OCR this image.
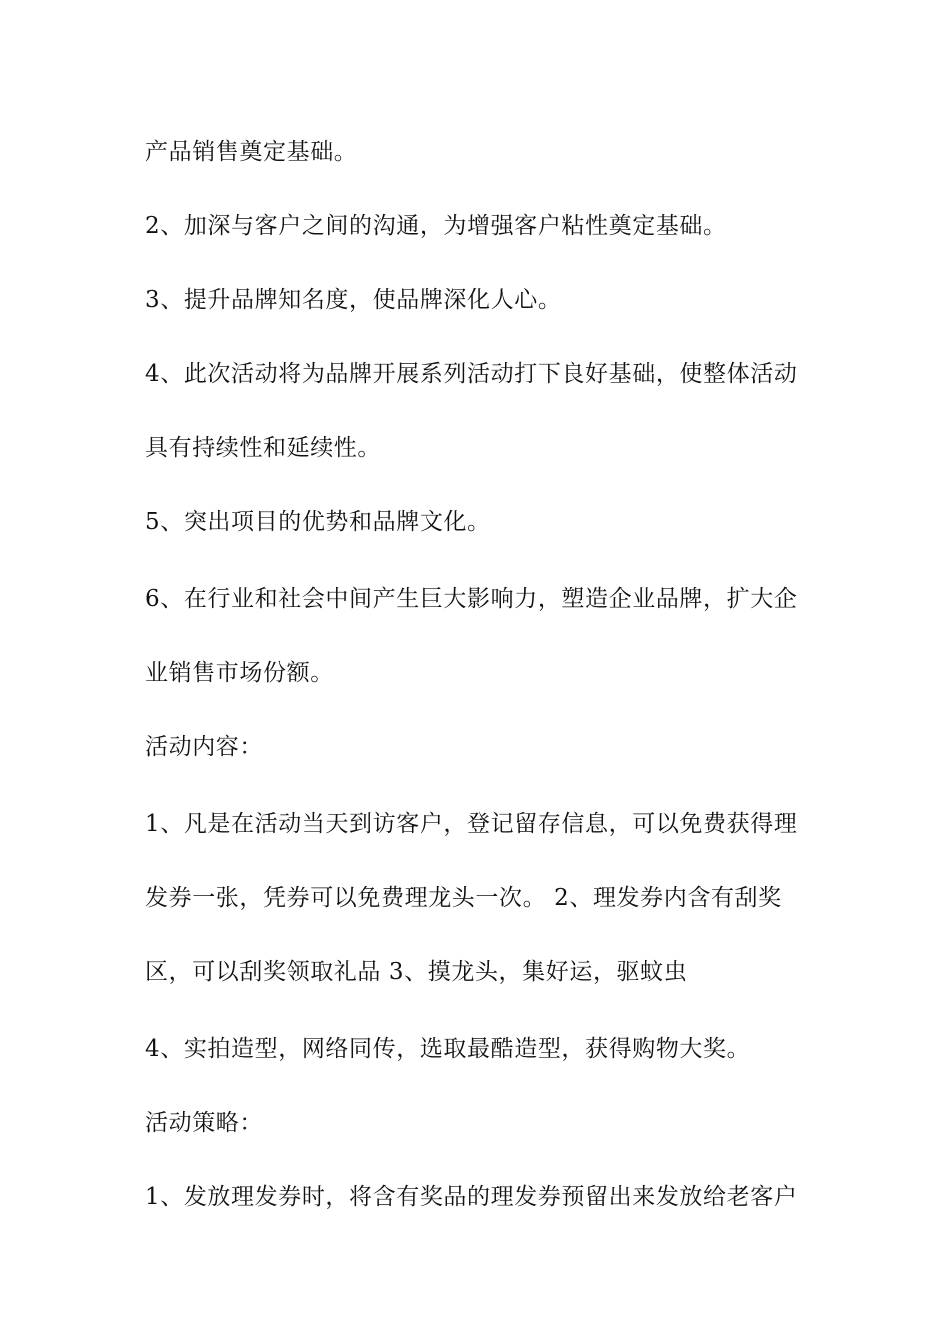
产品销售奠定基础。
2、加深与客户之间的沟通，为增强客户粘性奠定基础。
3、提升品牌知名度，使品牌深化人心。
4、此次活动将为品牌开展系列活动打下良好基础，使整体活动
具有持续性和延续性。
5、突出项目的优势和品牌文化。
6、在行业和社会中间产生巨大影响力，塑造企业品牌，扩大企
业销售市场份额。
活动内容：
1、凡是在活动当天到访客户，登记留存信息，可以免费获得理
发券一张，凭券可以免费理龙头一次。 2、理发券内含有刮奖
区，可以刮奖领取礼品 3、摸龙头，集好运，驱蚊虫
4、实拍造型，网络同传，选取最酷造型，获得购物大奖。
活动策略：
1、发放理发券时，将含有奖品的理发券预留出来发放给老客户
